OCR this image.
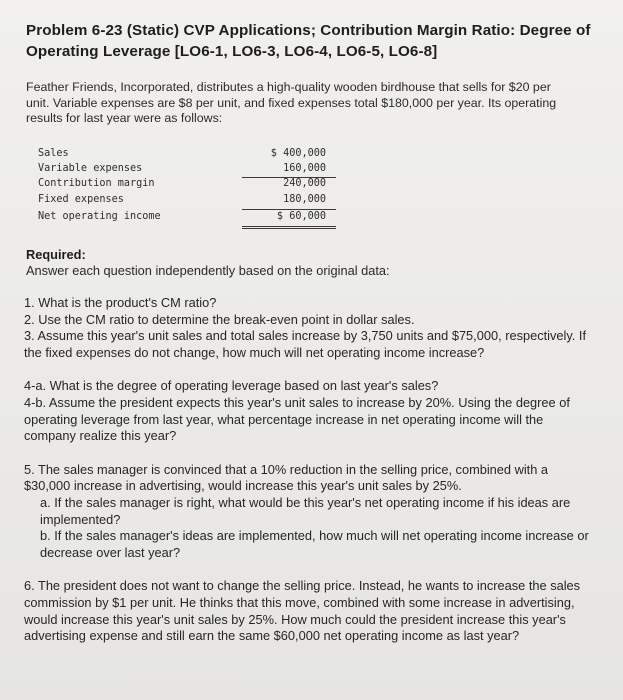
Problem 6-23 (Static) CVP Applications; Contribution Margin Ratio: Degree of Operating Leverage [LO6-1, LO6-3, LO6-4, LO6-5, LO6-8]
Feather Friends, Incorporated, distributes a high-quality wooden birdhouse that sells for $20 per unit. Variable expenses are $8 per unit, and fixed expenses total $180,000 per year. Its operating results for last year were as follows:
Sales	$ 400,000
Variable expenses	160,000
Contribution margin	240,000
Fixed expenses	180,000
Net operating income	$ 60,000
Required:
Answer each question independently based on the original data:

1. What is the product's CM ratio?

2. Use the CM ratio to determine the break-even point in dollar sales.

3. Assume this year's unit sales and total sales increase by 3,750 units and $75,000, respectively. If the fixed expenses do not change, how much will net operating income increase?

4-a. What is the degree of operating leverage based on last year's sales?

4-b. Assume the president expects this year's unit sales to increase by 20%. Using the degree of operating leverage from last year, what percentage increase in net operating income will the company realize this year?

5. The sales manager is convinced that a 10% reduction in the selling price, combined with a $30,000 increase in advertising, would increase this year's unit sales by 25%.

a. If the sales manager is right, what would be this year's net operating income if his ideas are implemented?

b. If the sales manager's ideas are implemented, how much will net operating income increase or decrease over last year?

6. The president does not want to change the selling price. Instead, he wants to increase the sales commission by $1 per unit. He thinks that this move, combined with some increase in advertising, would increase this year's unit sales by 25%. How much could the president increase this year's advertising expense and still earn the same $60,000 net operating income as last year?
